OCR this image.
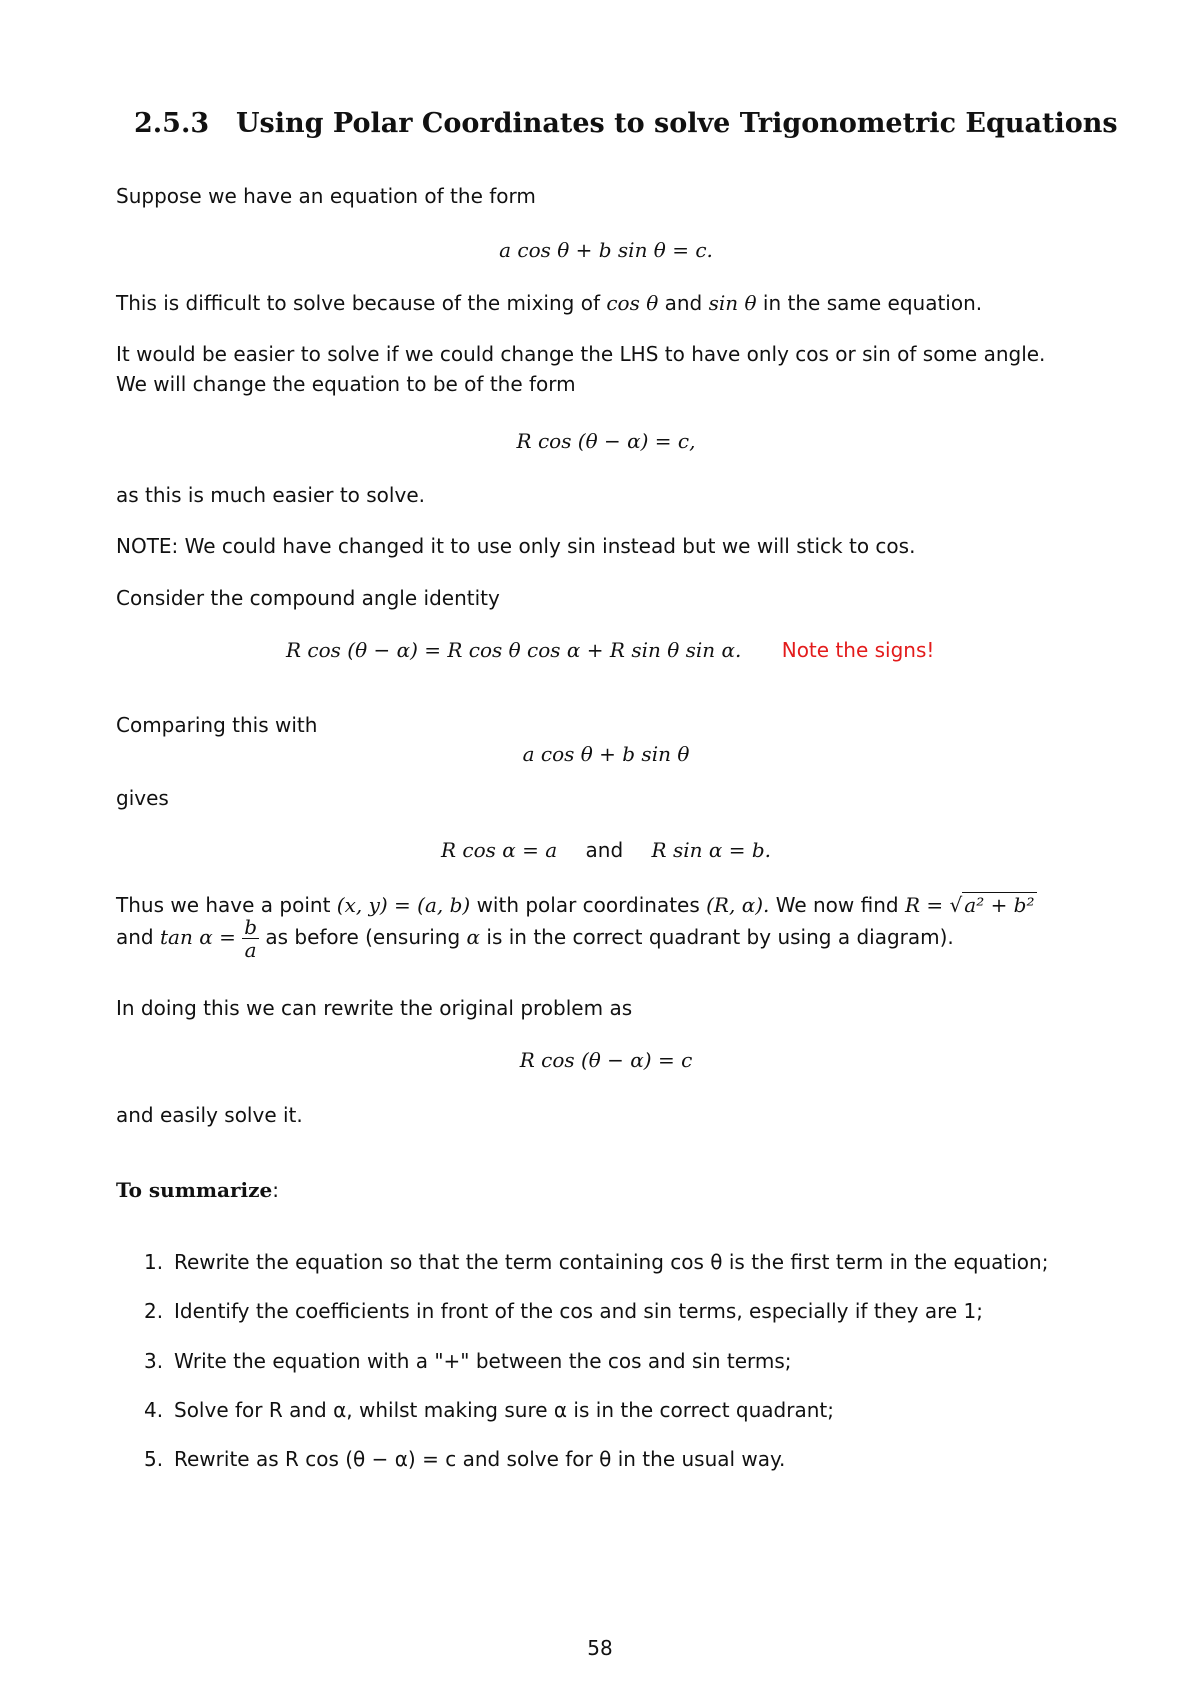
2.5.3 Using Polar Coordinates to solve Trigonometric Equations
Suppose we have an equation of the form
a cos θ + b sin θ = c.
This is difficult to solve because of the mixing of cos θ and sin θ in the same equation.
It would be easier to solve if we could change the LHS to have only cos or sin of some angle.
We will change the equation to be of the form
R cos (θ − α) = c,
as this is much easier to solve.
NOTE: We could have changed it to use only sin instead but we will stick to cos.
Consider the compound angle identity
R cos (θ − α) = R cos θ cos α + R sin θ sin α. Note the signs!
Comparing this with
a cos θ + b sin θ
gives
R cos α = a and R sin α = b.
Thus we have a point (x, y) = (a, b) with polar coordinates (R, α). We now find R = √ a² + b²
and $\tan \alpha = \frac{b}{a}$ as before (ensuring α is in the correct quadrant by using a diagram).
In doing this we can rewrite the original problem as
R cos (θ − α) = c
and easily solve it.
To summarize:
1. Rewrite the equation so that the term containing cos θ is the first term in the equation;
2. Identify the coefficients in front of the cos and sin terms, especially if they are 1;
3. Write the equation with a "+" between the cos and sin terms;
4. Solve for R and α, whilst making sure α is in the correct quadrant;
5. Rewrite as R cos (θ − α) = c and solve for θ in the usual way.
58
